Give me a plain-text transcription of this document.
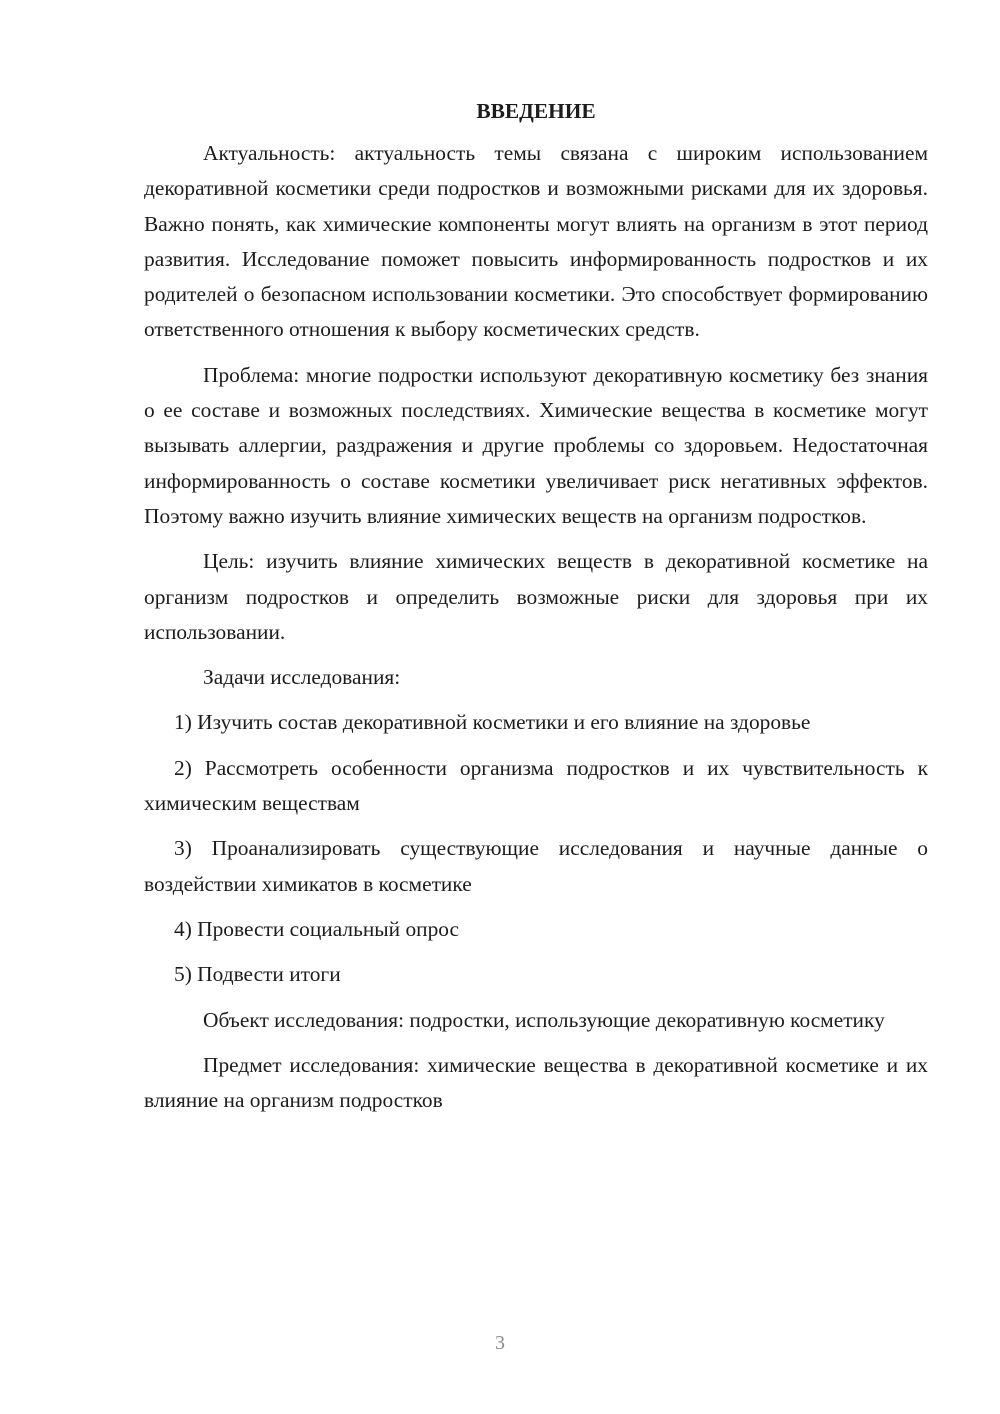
ВВЕДЕНИЕ

Актуальность: актуальность темы связана с широким использованием декоративной косметики среди подростков и возможными рисками для их здоровья. Важно понять, как химические компоненты могут влиять на организм в этот период развития. Исследование поможет повысить информированность подростков и их родителей о безопасном использовании косметики. Это способствует формированию ответственного отношения к выбору косметических средств.

Проблема: многие подростки используют декоративную косметику без знания о ее составе и возможных последствиях. Химические вещества в косметике могут вызывать аллергии, раздражения и другие проблемы со здоровьем. Недостаточная информированность о составе косметики увеличивает риск негативных эффектов. Поэтому важно изучить влияние химических веществ на организм подростков.

Цель: изучить влияние химических веществ в декоративной косметике на организм подростков и определить возможные риски для здоровья при их использовании.

Задачи исследования:

1) Изучить состав декоративной косметики и его влияние на здоровье

2) Рассмотреть особенности организма подростков и их чувствительность к химическим веществам

3) Проанализировать существующие исследования и научные данные о воздействии химикатов в косметике

4) Провести социальный опрос

5) Подвести итоги

Объект исследования: подростки, использующие декоративную косметику

Предмет исследования: химические вещества в декоративной косметике и их влияние на организм подростков

3
